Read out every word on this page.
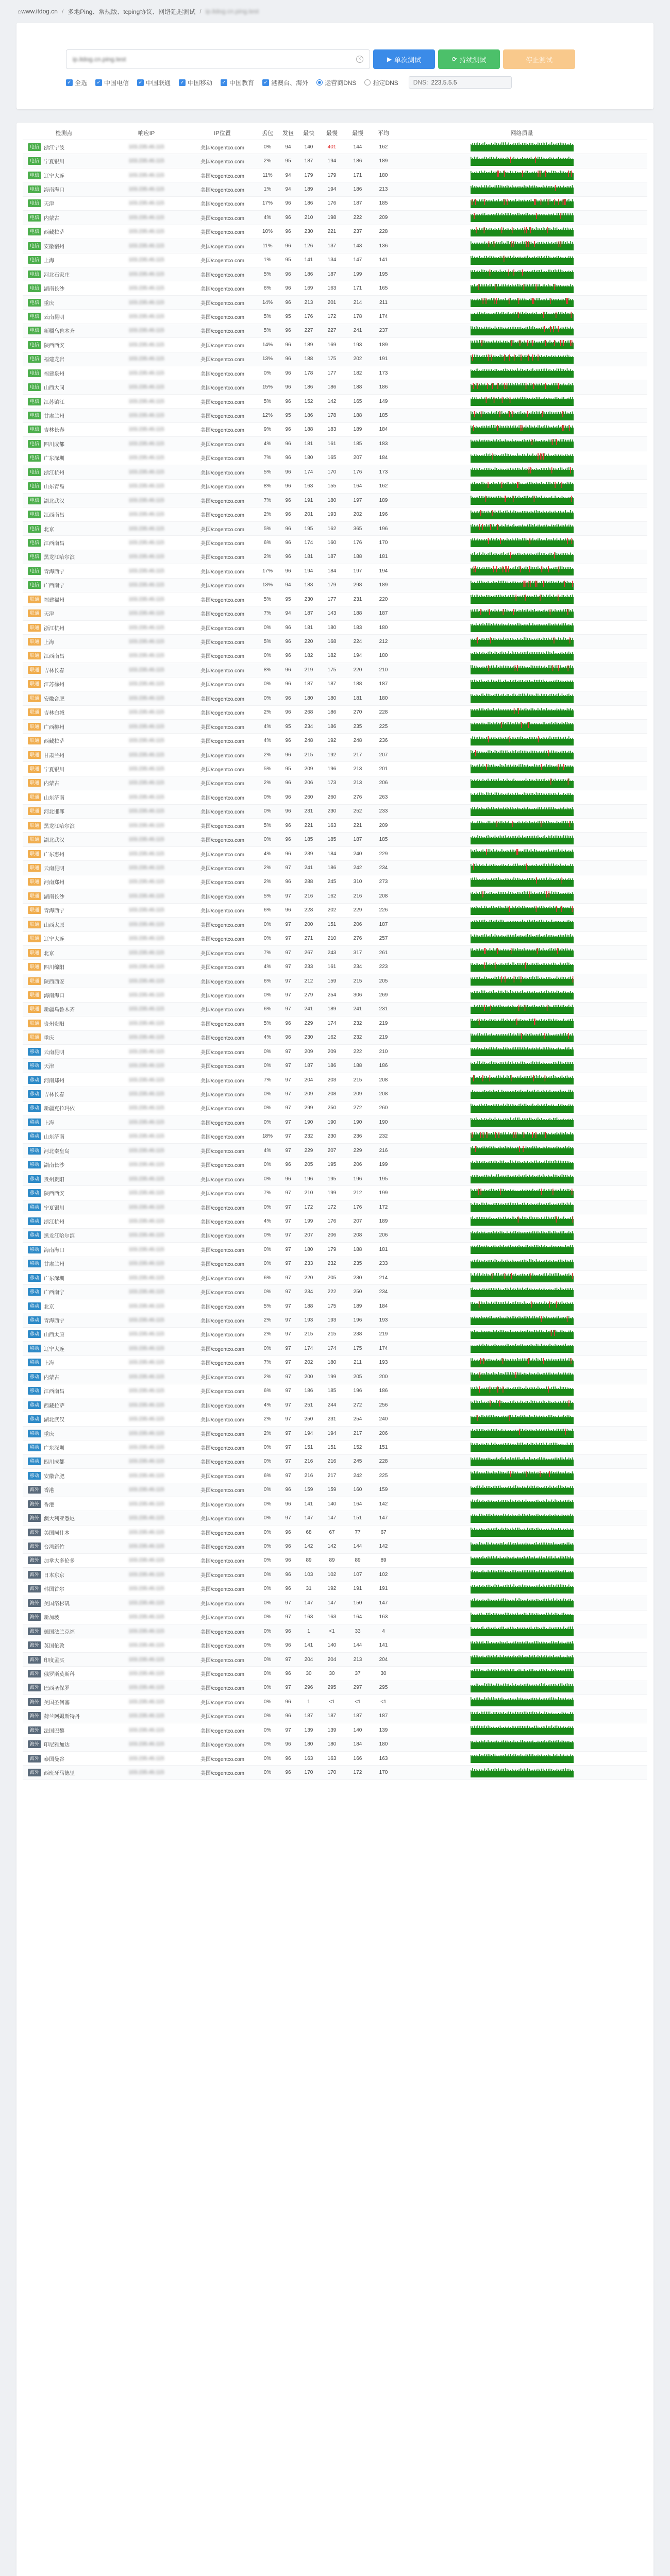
⌂ www.itdog.cn / 多地Ping、常规版、tcping协议、网络延迟测试 / ip.itdog.cn.ping.test
ip.itdog.cn.ping.test	×	▶ 单次测试	⟳ 持续测试	停止测试
✓ 全选 ✓ 中国电信 ✓ 中国联通 ✓ 中国移动 ✓ 中国教育 ✓ 港澳台、海外	运营商DNS	指定DNS DNS: 223.5.5.5
检测点	响应IP	IP位置	丢包	发包	最快	最慢	最慢	平均	网络质量
电信 浙江宁波	103.235.46.115	美国/cogentco.com	0%	94	140	401	144	162
电信 宁夏银川	103.235.46.115	美国/cogentco.com	2%	95	187	194	186	189
电信 辽宁大连	103.235.46.115	美国/cogentco.com	11%	94	179	179	171	180
电信 海南海口	103.235.46.115	美国/cogentco.com	1%	94	189	194	186	213
电信 天津	103.235.46.115	美国/cogentco.com	17%	96	186	176	187	185
电信 内蒙古	103.235.46.115	美国/cogentco.com	4%	96	210	198	222	209
电信 西藏拉萨	103.235.46.115	美国/cogentco.com	10%	96	230	221	237	228
电信 安徽宿州	103.235.46.115	美国/cogentco.com	11%	96	126	137	143	136
电信 上海	103.235.46.115	美国/cogentco.com	1%	95	141	134	147	141
电信 河北石家庄	103.235.46.115	美国/cogentco.com	5%	96	186	187	199	195
电信 湖南长沙	103.235.46.115	美国/cogentco.com	6%	96	169	163	171	165
电信 重庆	103.235.46.115	美国/cogentco.com	14%	96	213	201	214	211
电信 云南昆明	103.235.46.115	美国/cogentco.com	5%	95	176	172	178	174
电信 新疆乌鲁木齐	103.235.46.115	美国/cogentco.com	5%	96	227	227	241	237
电信 陕西西安	103.235.46.115	美国/cogentco.com	14%	96	189	169	193	189
电信 福建龙岩	103.235.46.115	美国/cogentco.com	13%	96	188	175	202	191
电信 福建泉州	103.235.46.115	美国/cogentco.com	0%	96	178	177	182	173
电信 山西大同	103.235.46.115	美国/cogentco.com	15%	96	186	186	188	186
电信 江苏镇江	103.235.46.115	美国/cogentco.com	5%	96	152	142	165	149
电信 甘肃兰州	103.235.46.115	美国/cogentco.com	12%	95	186	178	188	185
电信 吉林长春	103.235.46.115	美国/cogentco.com	9%	96	188	183	189	184
电信 四川成都	103.235.46.115	美国/cogentco.com	4%	96	181	161	185	183
电信 广东深圳	103.235.46.115	美国/cogentco.com	7%	96	180	165	207	184
电信 浙江杭州	103.235.46.115	美国/cogentco.com	5%	96	174	170	176	173
电信 山东青岛	103.235.46.115	美国/cogentco.com	8%	96	163	155	164	162
电信 湖北武汉	103.235.46.115	美国/cogentco.com	7%	96	191	180	197	189
电信 江西南昌	103.235.46.115	美国/cogentco.com	2%	96	201	193	202	196
电信 北京	103.235.46.115	美国/cogentco.com	5%	96	195	162	365	196
电信 江西南昌	103.235.46.115	美国/cogentco.com	6%	96	174	160	176	170
电信 黑龙江哈尔滨	103.235.46.115	美国/cogentco.com	2%	96	181	187	188	181
电信 青海西宁	103.235.46.115	美国/cogentco.com	17%	96	194	184	197	194
电信 广西南宁	103.235.46.115	美国/cogentco.com	13%	94	183	179	298	189
联通 福建福州	103.235.46.115	美国/cogentco.com	5%	95	230	177	231	220
联通 天津	103.235.46.115	美国/cogentco.com	7%	94	187	143	188	187
联通 浙江杭州	103.235.46.115	美国/cogentco.com	0%	96	181	180	183	180
联通 上海	103.235.46.115	美国/cogentco.com	5%	96	220	168	224	212
联通 江西南昌	103.235.46.115	美国/cogentco.com	0%	96	182	182	194	180
联通 吉林长春	103.235.46.115	美国/cogentco.com	8%	96	219	175	220	210
联通 江苏徐州	103.235.46.115	美国/cogentco.com	0%	96	187	187	188	187
联通 安徽合肥	103.235.46.115	美国/cogentco.com	0%	96	180	180	181	180
联通 吉林白城	103.235.46.115	美国/cogentco.com	2%	96	268	186	270	228
联通 广西柳州	103.235.46.115	美国/cogentco.com	4%	95	234	186	235	225
联通 西藏拉萨	103.235.46.115	美国/cogentco.com	4%	96	248	192	248	236
联通 甘肃兰州	103.235.46.115	美国/cogentco.com	2%	96	215	192	217	207
联通 宁夏银川	103.235.46.115	美国/cogentco.com	5%	95	209	196	213	201
联通 内蒙古	103.235.46.115	美国/cogentco.com	2%	96	206	173	213	206
联通 山东济南	103.235.46.115	美国/cogentco.com	0%	96	260	260	276	263
联通 河北邯郸	103.235.46.115	美国/cogentco.com	0%	96	231	230	252	233
联通 黑龙江哈尔滨	103.235.46.115	美国/cogentco.com	5%	96	221	163	221	209
联通 湖北武汉	103.235.46.115	美国/cogentco.com	0%	96	185	185	187	185
联通 广东惠州	103.235.46.115	美国/cogentco.com	4%	96	239	184	240	229
联通 云南昆明	103.235.46.115	美国/cogentco.com	2%	97	241	186	242	234
联通 河南郑州	103.235.46.115	美国/cogentco.com	2%	96	288	245	310	273
联通 湖南长沙	103.235.46.115	美国/cogentco.com	5%	97	216	162	216	208
联通 青海西宁	103.235.46.115	美国/cogentco.com	6%	96	228	202	229	226
联通 山西太原	103.235.46.115	美国/cogentco.com	0%	97	200	151	206	187
联通 辽宁大连	103.235.46.115	美国/cogentco.com	0%	97	271	210	276	257
联通 北京	103.235.46.115	美国/cogentco.com	7%	97	267	243	317	261
联通 四川绵阳	103.235.46.115	美国/cogentco.com	4%	97	233	161	234	223
联通 陕西西安	103.235.46.115	美国/cogentco.com	6%	97	212	159	215	205
联通 海南海口	103.235.46.115	美国/cogentco.com	0%	97	279	254	306	269
联通 新疆乌鲁木齐	103.235.46.115	美国/cogentco.com	6%	97	241	189	241	231
联通 贵州贵阳	103.235.46.115	美国/cogentco.com	5%	96	229	174	232	219
联通 重庆	103.235.46.115	美国/cogentco.com	4%	96	230	162	232	219
移动 云南昆明	103.235.46.115	美国/cogentco.com	0%	97	209	209	222	210
移动 天津	103.235.46.115	美国/cogentco.com	0%	97	187	186	188	186
移动 河南郑州	103.235.46.115	美国/cogentco.com	7%	97	204	203	215	208
移动 吉林长春	103.235.46.115	美国/cogentco.com	0%	97	209	208	209	208
移动 新疆克拉玛依	103.235.46.115	美国/cogentco.com	0%	97	299	250	272	260
移动 上海	103.235.46.115	美国/cogentco.com	0%	97	190	190	190	190
移动 山东济南	103.235.46.115	美国/cogentco.com	18%	97	232	230	236	232
移动 河北秦皇岛	103.235.46.115	美国/cogentco.com	4%	97	229	207	229	216
移动 湖南长沙	103.235.46.115	美国/cogentco.com	0%	96	205	195	206	199
移动 贵州贵阳	103.235.46.115	美国/cogentco.com	0%	96	196	195	196	195
移动 陕西西安	103.235.46.115	美国/cogentco.com	7%	97	210	199	212	199
移动 宁夏银川	103.235.46.115	美国/cogentco.com	0%	97	172	172	176	172
移动 浙江杭州	103.235.46.115	美国/cogentco.com	4%	97	199	176	207	189
移动 黑龙江哈尔滨	103.235.46.115	美国/cogentco.com	0%	97	207	206	208	206
移动 海南海口	103.235.46.115	美国/cogentco.com	0%	97	180	179	188	181
移动 甘肃兰州	103.235.46.115	美国/cogentco.com	0%	97	233	232	235	233
移动 广东深圳	103.235.46.115	美国/cogentco.com	6%	97	220	205	230	214
移动 广西南宁	103.235.46.115	美国/cogentco.com	0%	97	234	222	250	234
移动 北京	103.235.46.115	美国/cogentco.com	5%	97	188	175	189	184
移动 青海西宁	103.235.46.115	美国/cogentco.com	2%	97	193	193	196	193
移动 山西太原	103.235.46.115	美国/cogentco.com	2%	97	215	215	238	219
移动 辽宁大连	103.235.46.115	美国/cogentco.com	0%	97	174	174	175	174
移动 上海	103.235.46.115	美国/cogentco.com	7%	97	202	180	211	193
移动 内蒙古	103.235.46.115	美国/cogentco.com	2%	97	200	199	205	200
移动 江西南昌	103.235.46.115	美国/cogentco.com	6%	97	186	185	196	186
移动 西藏拉萨	103.235.46.115	美国/cogentco.com	4%	97	251	244	272	256
移动 湖北武汉	103.235.46.115	美国/cogentco.com	2%	97	250	231	254	240
移动 重庆	103.235.46.115	美国/cogentco.com	2%	97	194	194	217	206
移动 广东深圳	103.235.46.115	美国/cogentco.com	0%	97	151	151	152	151
移动 四川成都	103.235.46.115	美国/cogentco.com	0%	97	216	216	245	228
移动 安徽合肥	103.235.46.115	美国/cogentco.com	6%	97	216	217	242	225
海外 香港	103.235.46.115	美国/cogentco.com	0%	96	159	159	160	159
海外 香港	103.235.46.115	美国/cogentco.com	0%	96	141	140	164	142
海外 澳大利亚悉尼	103.235.46.115	美国/cogentco.com	0%	97	147	147	151	147
海外 美国阿什本	103.235.46.115	美国/cogentco.com	0%	96	68	67	77	67
海外 台湾新竹	103.235.46.115	美国/cogentco.com	0%	96	142	142	144	142
海外 加拿大多伦多	103.235.46.115	美国/cogentco.com	0%	96	89	89	89	89
海外 日本东京	103.235.46.115	美国/cogentco.com	0%	96	103	102	107	102
海外 韩国首尔	103.235.46.115	美国/cogentco.com	0%	96	31	192	191	191
海外 美国洛杉矶	103.235.46.115	美国/cogentco.com	0%	97	147	147	150	147
海外 新加坡	103.235.46.115	美国/cogentco.com	0%	97	163	163	164	163
海外 德国法兰克福	103.235.46.115	美国/cogentco.com	0%	96	1	<1	33	4
海外 英国伦敦	103.235.46.115	美国/cogentco.com	0%	96	141	140	144	141
海外 印度孟买	103.235.46.115	美国/cogentco.com	0%	97	204	204	213	204
海外 俄罗斯莫斯科	103.235.46.115	美国/cogentco.com	0%	96	30	30	37	30
海外 巴西圣保罗	103.235.46.115	美国/cogentco.com	0%	97	296	295	297	295
海外 美国圣何塞	103.235.46.115	美国/cogentco.com	0%	96	1	<1	<1	<1
海外 荷兰阿姆斯特丹	103.235.46.115	美国/cogentco.com	0%	96	187	187	187	187
海外 法国巴黎	103.235.46.115	美国/cogentco.com	0%	97	139	139	140	139
海外 印尼雅加达	103.235.46.115	美国/cogentco.com	0%	96	180	180	184	180
海外 泰国曼谷	103.235.46.115	美国/cogentco.com	0%	96	163	163	166	163
海外 西班牙马德里	103.235.46.115	美国/cogentco.com	0%	96	170	170	172	170
